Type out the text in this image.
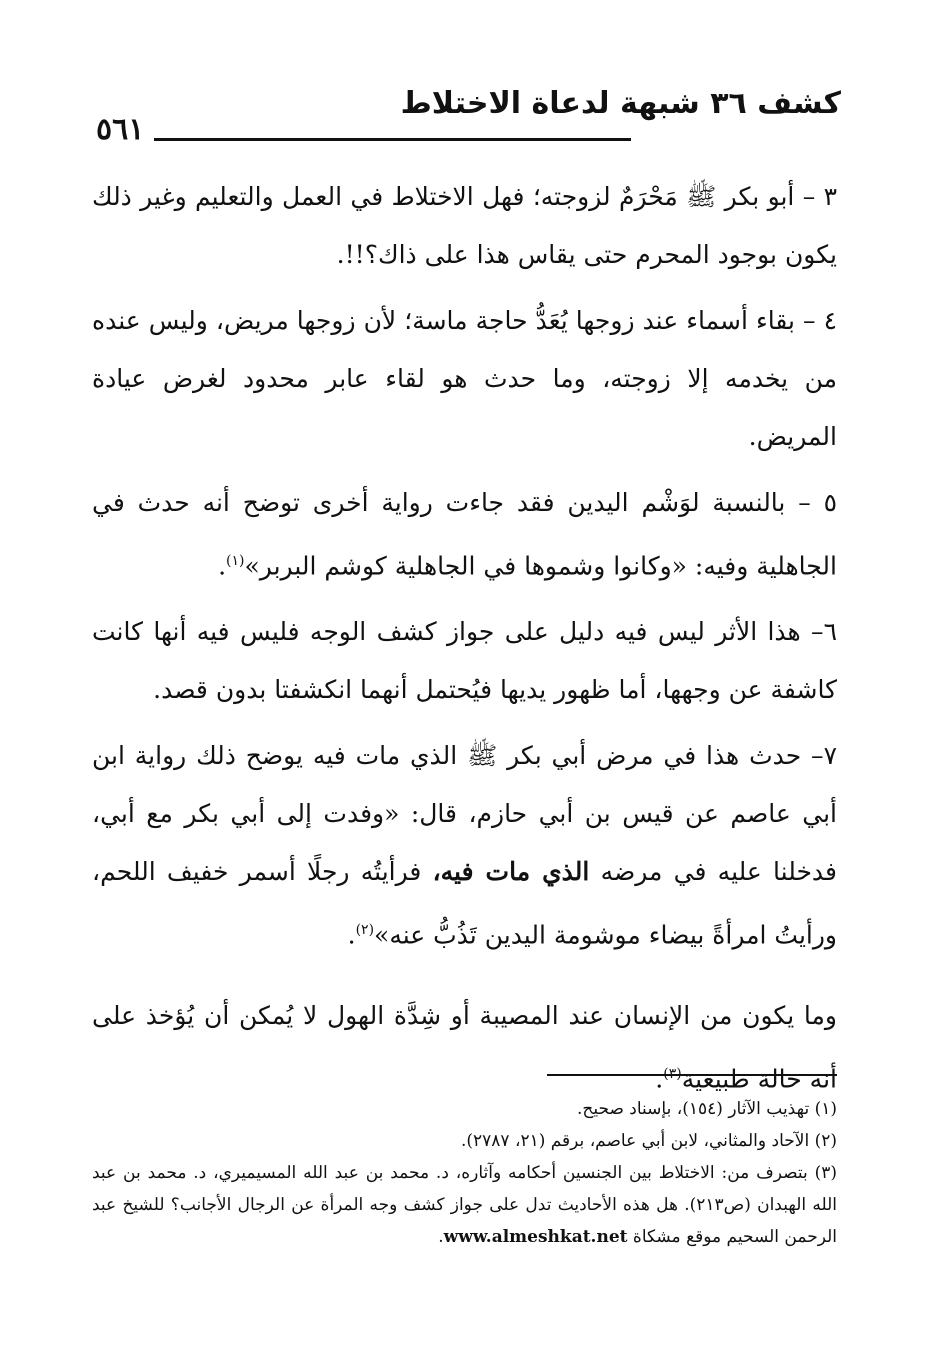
٥٦١
كشف ٣٦ شبهة لدعاة الاختلاط

٣ – أبو بكر ﷺ مَحْرَمٌ لزوجته؛ فهل الاختلاط في العمل والتعليم وغير ذلك يكون بوجود المحرم حتى يقاس هذا على ذاك؟!!.

٤ – بقاء أسماء عند زوجها يُعَدُّ حاجة ماسة؛ لأن زوجها مريض، وليس عنده من يخدمه إلا زوجته، وما حدث هو لقاء عابر محدود لغرض عيادة المريض.

٥ – بالنسبة لوَشْم اليدين فقد جاءت رواية أخرى توضح أنه حدث في الجاهلية وفيه: «وكانوا وشموها في الجاهلية كوشم البربر»$^{(١)}$.

٦– هذا الأثر ليس فيه دليل على جواز كشف الوجه فليس فيه أنها كانت كاشفة عن وجهها، أما ظهور يديها فيُحتمل أنهما انكشفتا بدون قصد.

٧– حدث هذا في مرض أبي بكر ﷺ الذي مات فيه يوضح ذلك رواية ابن أبي عاصم عن قيس بن أبي حازم، قال: «وفدت إلى أبي بكر مع أبي، فدخلنا عليه في مرضه الذي مات فيه، فرأيتُه رجلًا أسمر خفيف اللحم، ورأيتُ امرأةً بيضاء موشومة اليدين تَذُبُّ عنه»$^{(٢)}$.

وما يكون من الإنسان عند المصيبة أو شِدَّة الهول لا يُمكن أن يُؤخذ على أنه حالة طبيعية$^{(٣)}$.

(١) تهذيب الآثار (١٥٤)، بإسناد صحيح.

(٢) الآحاد والمثاني، لابن أبي عاصم، برقم (٢١، ٢٧٨٧).

(٣) بتصرف من: الاختلاط بين الجنسين أحكامه وآثاره، د. محمد بن عبد الله المسيميري، د. محمد بن عبد الله الهبدان (ص٢١٣). هل هذه الأحاديث تدل على جواز كشف وجه المرأة عن الرجال الأجانب؟ للشيخ عبد الرحمن السحيم موقع مشكاة www.almeshkat.net.
